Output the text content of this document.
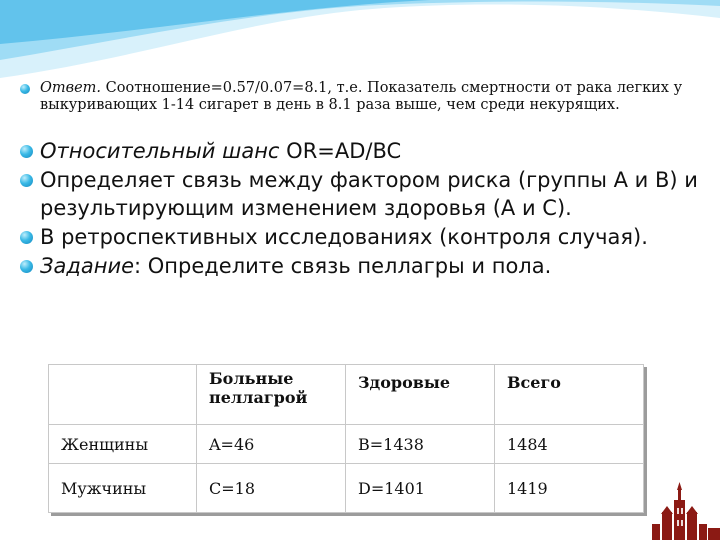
Ответ. Соотношение=0.57/0.07=8.1, т.е. Показатель смертности от рака легких у выкуривающих 1-14 сигарет в день в 8.1 раза выше, чем среди некурящих.
Относительный шанс OR=AD/BC
Определяет связь между фактором риска (группы А и В) и результирующим изменением здоровья (А и С).
В ретроспективных исследованиях (контроля случая).
Задание: Определите связь пеллагры и пола.
	Больные пеллагрой	Здоровые	Всего
Женщины	A=46	B=1438	1484
Мужчины	C=18	D=1401	1419
